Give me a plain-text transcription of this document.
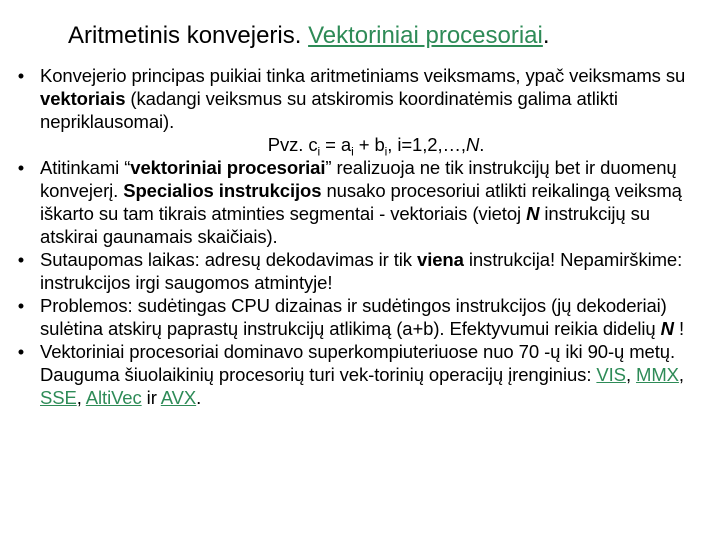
Aritmetinis konvejeris. Vektoriniai procesoriai.
• Konvejerio principas puikiai tinka aritmetiniams veiksmams, ypač veiksmams su vektoriais (kadangi veiksmus su atskiromis koordinatėmis galima atlikti nepriklausomai).
Pvz. $c_i = a_i + b_i$, i=1,2,…,N.
• Atitinkami “vektoriniai procesoriai” realizuoja ne tik instrukcijų bet ir duomenų konvejerį. Specialios instrukcijos nusako procesoriui atlikti reikalingą veiksmą iškarto su tam tikrais atminties segmentai - vektoriais (vietoj N instrukcijų su atskirai gaunamais skaičiais).
• Sutaupomas laikas: adresų dekodavimas ir tik viena instrukcija! Nepamirškime: instrukcijos irgi saugomos atmintyje!
• Problemos: sudėtingas CPU dizainas ir sudėtingos instrukcijos (jų dekoderiai) sulėtina atskirų paprastų instrukcijų atlikimą (a+b). Efektyvumui reikia didelių N !
• Vektoriniai procesoriai dominavo superkompiuteriuose nuo 70 -ų iki 90-ų metų. Dauguma šiuolaikinių procesorių turi vek-torinių operacijų įrenginius: VIS, MMX, SSE, AltiVec ir AVX.
